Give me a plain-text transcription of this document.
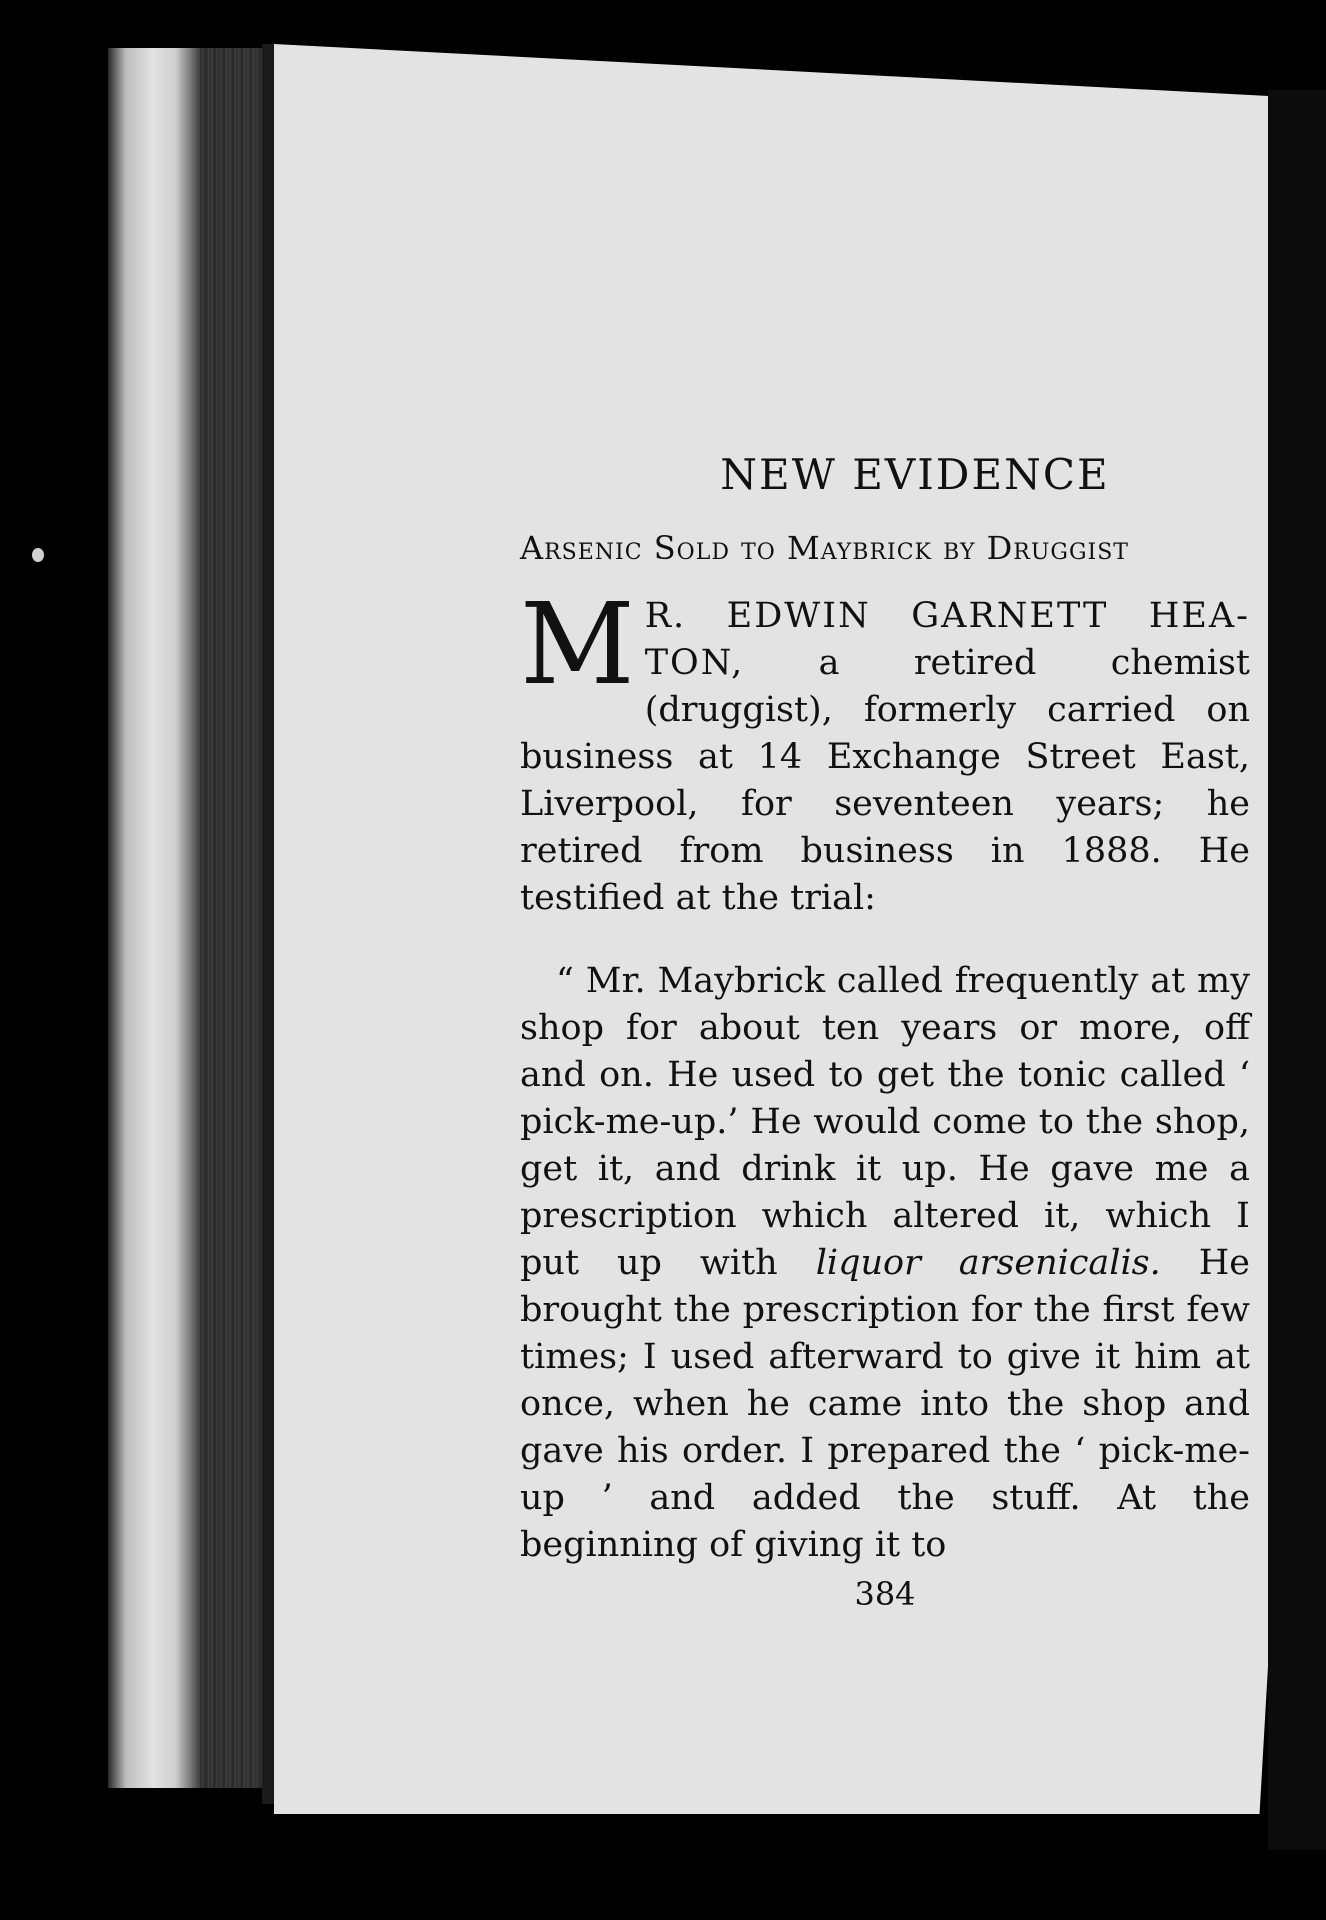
NEW EVIDENCE
Arsenic Sold to Maybrick by Druggist

M R. EDWIN GARNETT HEA-TON, a retired chemist (druggist), formerly carried on business at 14 Exchange Street East, Liverpool, for seventeen years; he retired from business in 1888. He testified at the trial:

“ Mr. Maybrick called frequently at my shop for about ten years or more, off and on. He used to get the tonic called ‘ pick-me-up.’ He would come to the shop, get it, and drink it up. He gave me a prescription which altered it, which I put up with liquor arsenicalis. He brought the prescription for the first few times; I used afterward to give it him at once, when he came into the shop and gave his order. I prepared the ‘ pick-me-up ’ and added the stuff. At the beginning of giving it to

384
